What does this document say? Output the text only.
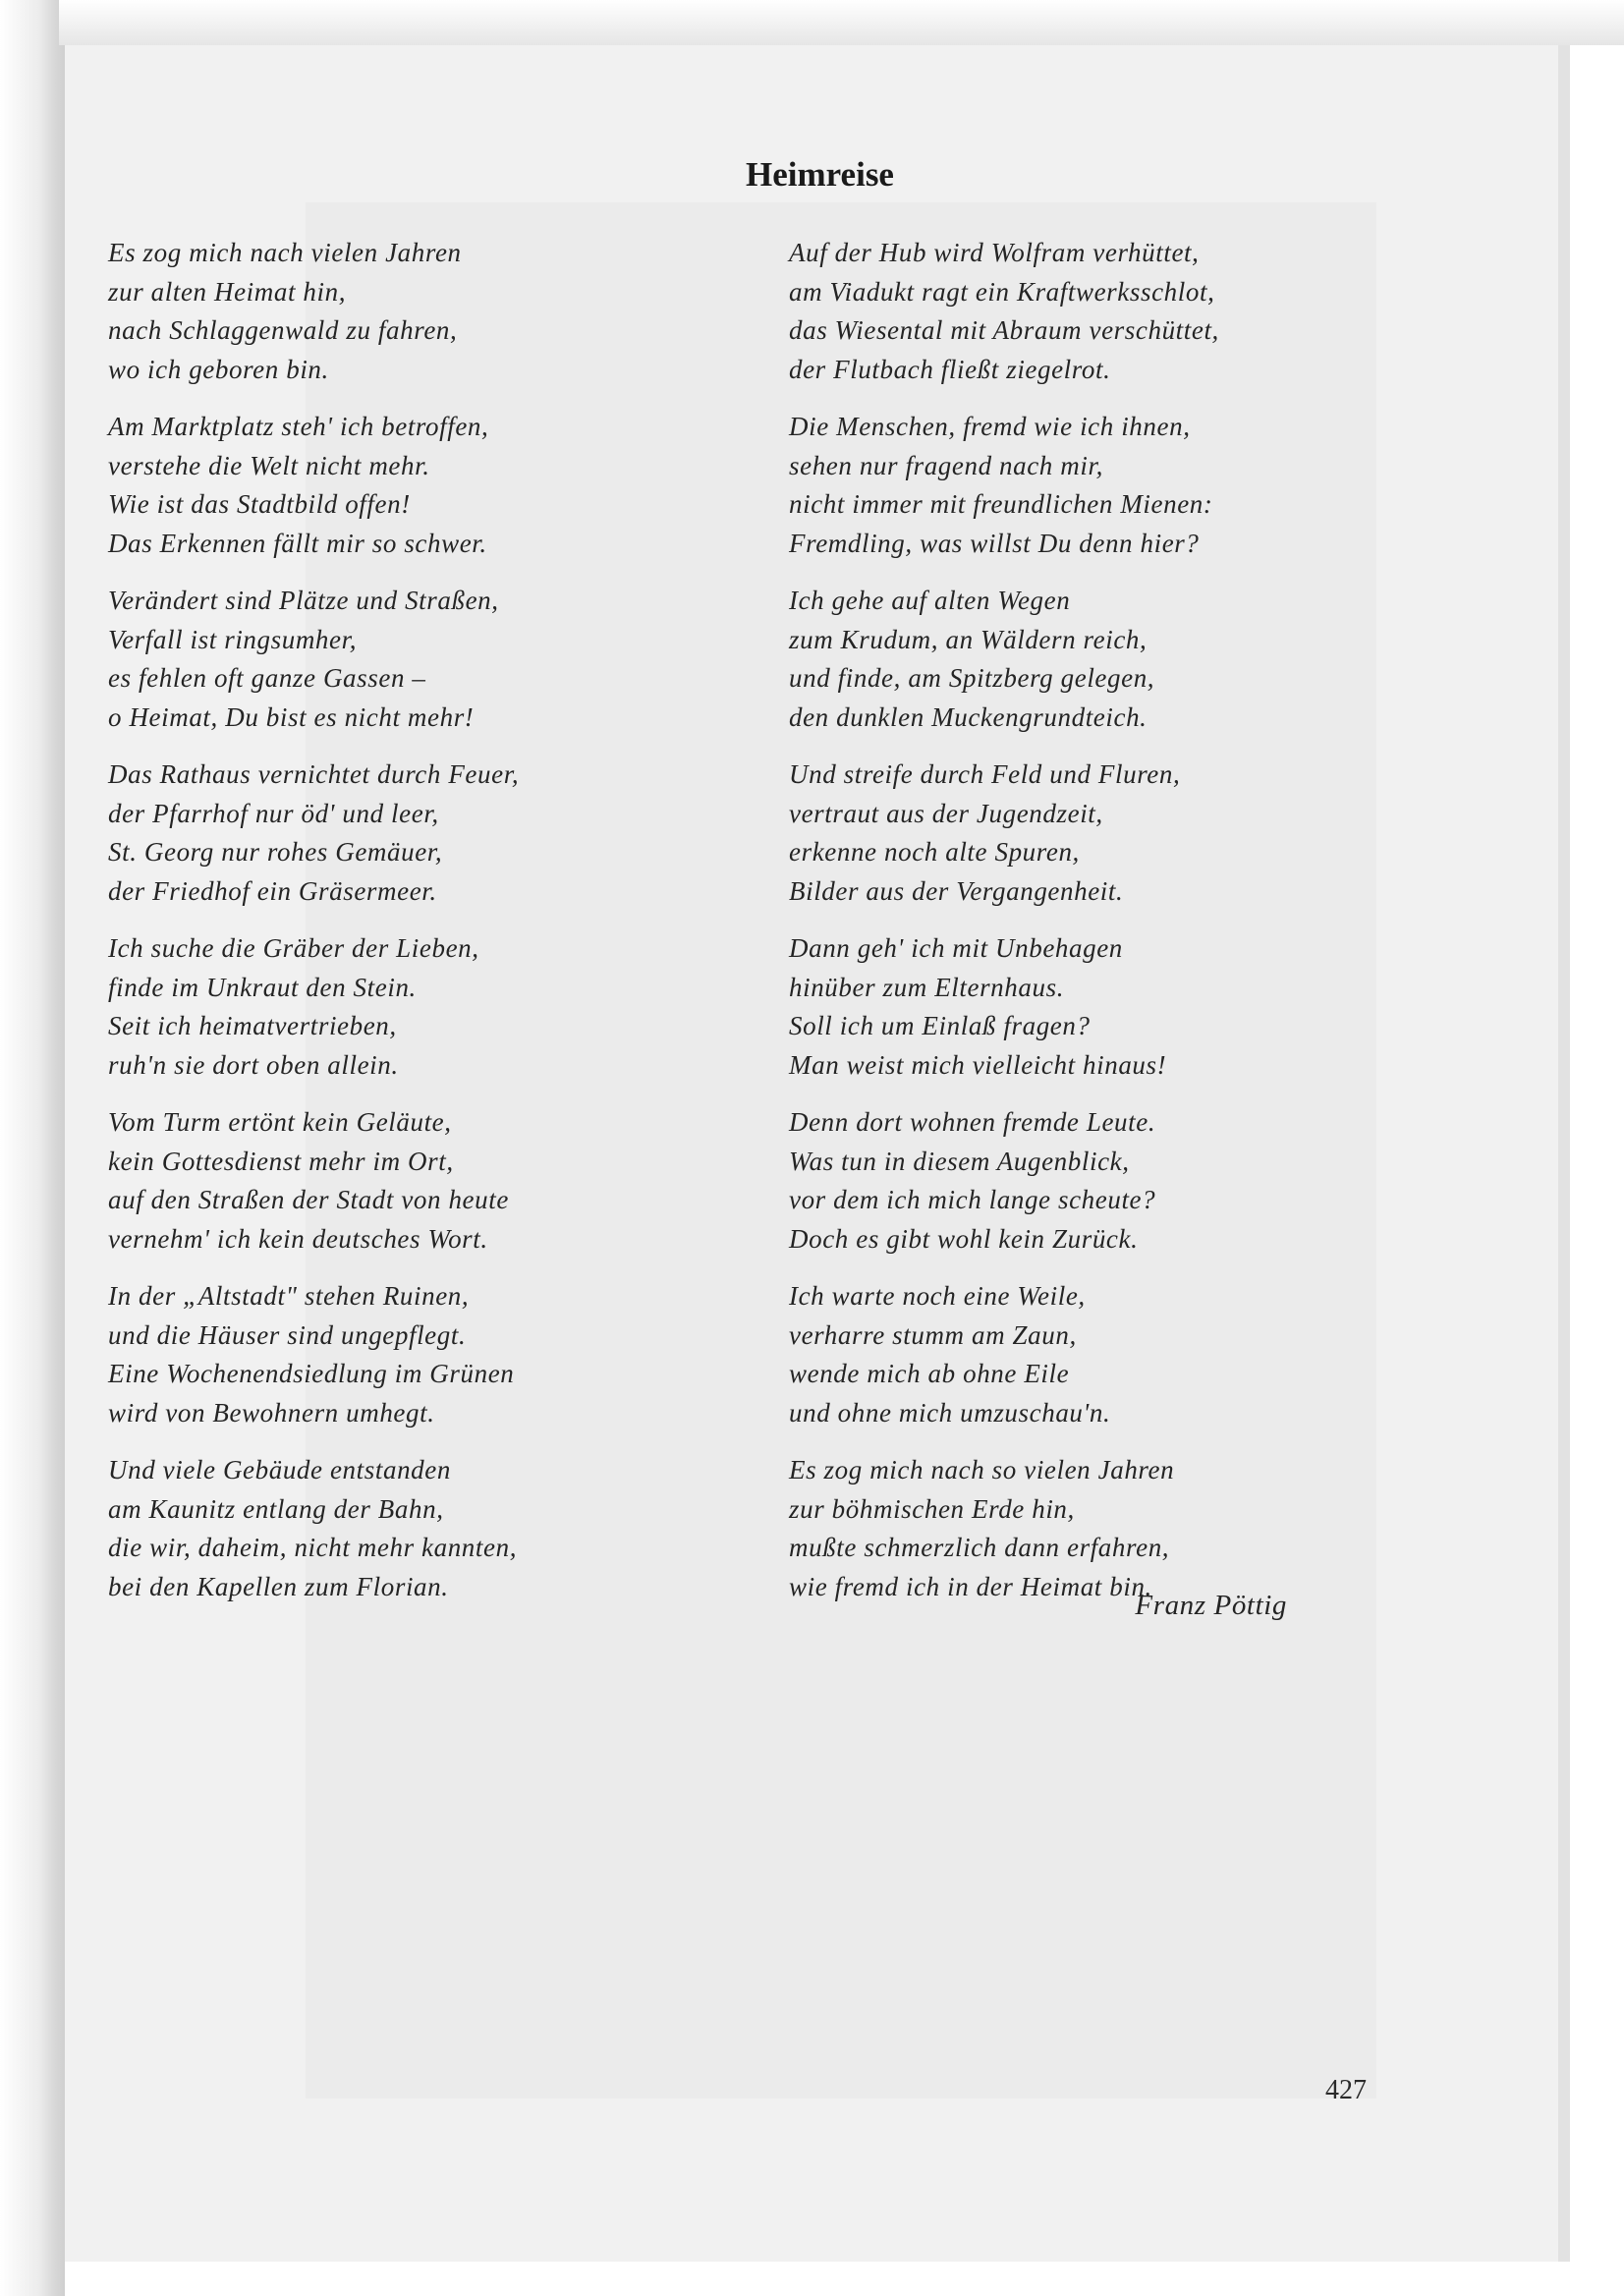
Heimreise
Es zog mich nach vielen Jahren
zur alten Heimat hin,
nach Schlaggenwald zu fahren,
wo ich geboren bin.
Am Marktplatz steh' ich betroffen,
verstehe die Welt nicht mehr.
Wie ist das Stadtbild offen!
Das Erkennen fällt mir so schwer.
Verändert sind Plätze und Straßen,
Verfall ist ringsumher,
es fehlen oft ganze Gassen –
o Heimat, Du bist es nicht mehr!
Das Rathaus vernichtet durch Feuer,
der Pfarrhof nur öd' und leer,
St. Georg nur rohes Gemäuer,
der Friedhof ein Gräsermeer.
Ich suche die Gräber der Lieben,
finde im Unkraut den Stein.
Seit ich heimatvertrieben,
ruh'n sie dort oben allein.
Vom Turm ertönt kein Geläute,
kein Gottesdienst mehr im Ort,
auf den Straßen der Stadt von heute
vernehm' ich kein deutsches Wort.
In der „Altstadt" stehen Ruinen,
und die Häuser sind ungepflegt.
Eine Wochenendsiedlung im Grünen
wird von Bewohnern umhegt.
Und viele Gebäude entstanden
am Kaunitz entlang der Bahn,
die wir, daheim, nicht mehr kannten,
bei den Kapellen zum Florian.
Auf der Hub wird Wolfram verhüttet,
am Viadukt ragt ein Kraftwerksschlot,
das Wiesental mit Abraum verschüttet,
der Flutbach fließt ziegelrot.
Die Menschen, fremd wie ich ihnen,
sehen nur fragend nach mir,
nicht immer mit freundlichen Mienen:
Fremdling, was willst Du denn hier?
Ich gehe auf alten Wegen
zum Krudum, an Wäldern reich,
und finde, am Spitzberg gelegen,
den dunklen Muckengrundteich.
Und streife durch Feld und Fluren,
vertraut aus der Jugendzeit,
erkenne noch alte Spuren,
Bilder aus der Vergangenheit.
Dann geh' ich mit Unbehagen
hinüber zum Elternhaus.
Soll ich um Einlaß fragen?
Man weist mich vielleicht hinaus!
Denn dort wohnen fremde Leute.
Was tun in diesem Augenblick,
vor dem ich mich lange scheute?
Doch es gibt wohl kein Zurück.
Ich warte noch eine Weile,
verharre stumm am Zaun,
wende mich ab ohne Eile
und ohne mich umzuschau'n.
Es zog mich nach so vielen Jahren
zur böhmischen Erde hin,
mußte schmerzlich dann erfahren,
wie fremd ich in der Heimat bin.
Franz Pöttig
427
